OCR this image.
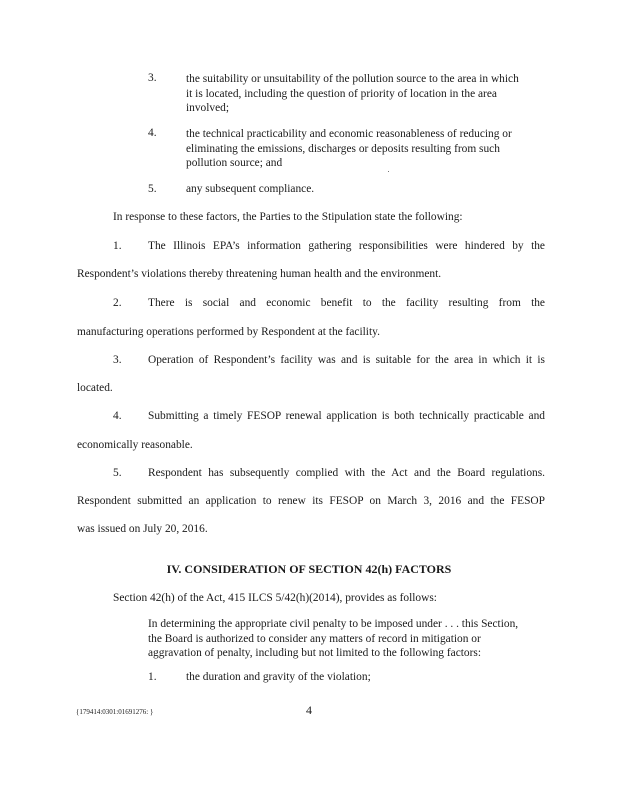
3.	the suitability or unsuitability of the pollution source to the area in which
it is located, including the question of priority of location in the area
involved;
4.	the technical practicability and economic reasonableness of reducing or
eliminating the emissions, discharges or deposits resulting from such
pollution source; and
5.	any subsequent compliance.
In response to these factors, the Parties to the Stipulation state the following:
1. The Illinois EPA’s information gathering responsibilities were hindered by the
Respondent’s violations thereby threatening human health and the environment.
2. There is social and economic benefit to the facility resulting from the
manufacturing operations performed by Respondent at the facility.
3. Operation of Respondent’s facility was and is suitable for the area in which it is
located.
4. Submitting a timely FESOP renewal application is both technically practicable and
economically reasonable.
5. Respondent has subsequently complied with the Act and the Board regulations.
Respondent submitted an application to renew its FESOP on March 3, 2016 and the FESOP
was issued on July 20, 2016.
IV. CONSIDERATION OF SECTION 42(h) FACTORS
Section 42(h) of the Act, 415 ILCS 5/42(h)(2014), provides as follows:
In determining the appropriate civil penalty to be imposed under . . . this Section,
the Board is authorized to consider any matters of record in mitigation or
aggravation of penalty, including but not limited to the following factors:
1.	the duration and gravity of the violation;
{179414:0301:01691276: }	4
